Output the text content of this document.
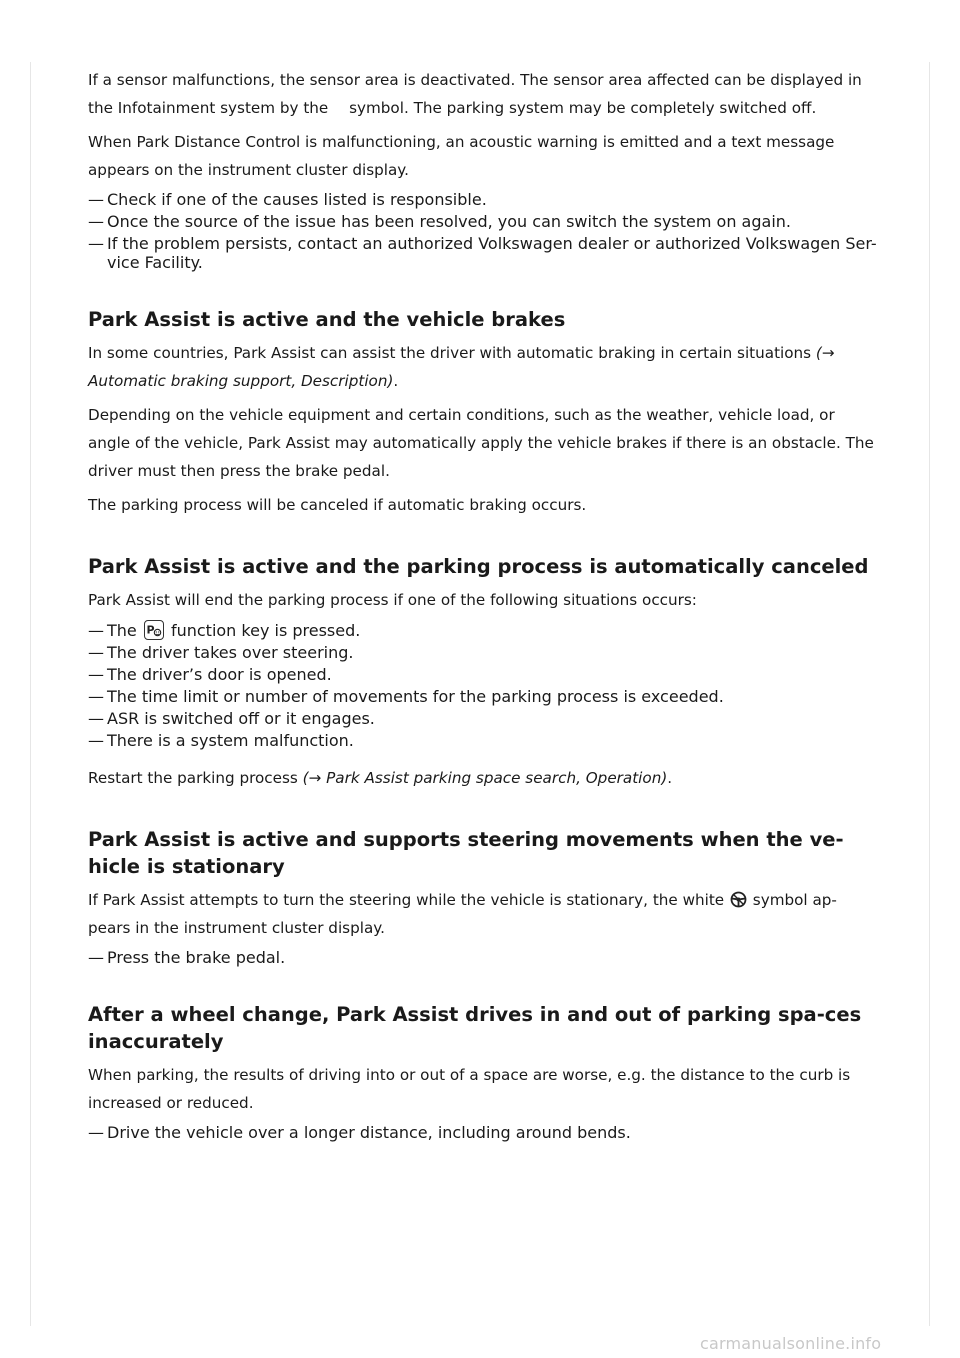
If a sensor malfunctions, the sensor area is deactivated. The sensor area affected can be displayed in the Infotainment system by the symbol. The parking system may be completely switched off.

When Park Distance Control is malfunctioning, an acoustic warning is emitted and a text message appears on the instrument cluster display.

— Check if one of the causes listed is responsible.
— Once the source of the issue has been resolved, you can switch the system on again.
— If the problem persists, contact an authorized Volkswagen dealer or authorized Volkswagen Ser-vice Facility.
Park Assist is active and the vehicle brakes

In some countries, Park Assist can assist the driver with automatic braking in certain situations (→ Automatic braking support, Description).

Depending on the vehicle equipment and certain conditions, such as the weather, vehicle load, or angle of the vehicle, Park Assist may automatically apply the vehicle brakes if there is an obstacle. The driver must then press the brake pedal.

The parking process will be canceled if automatic braking occurs.

Park Assist is active and the parking process is automatically canceled

Park Assist will end the parking process if one of the following situations occurs:

— The P function key is pressed.
— The driver takes over steering.
— The driver’s door is opened.
— The time limit or number of movements for the parking process is exceeded.
— ASR is switched off or it engages.
— There is a system malfunction.

Restart the parking process (→ Park Assist parking space search, Operation).

Park Assist is active and supports steering movements when the ve-hicle is stationary

If Park Assist attempts to turn the steering while the vehicle is stationary, the white symbol ap-pears in the instrument cluster display.

— Press the brake pedal.
After a wheel change, Park Assist drives in and out of parking spa-ces inaccurately

When parking, the results of driving into or out of a space are worse, e.g. the distance to the curb is increased or reduced.

— Drive the vehicle over a longer distance, including around bends.
carmanualsonline.info
